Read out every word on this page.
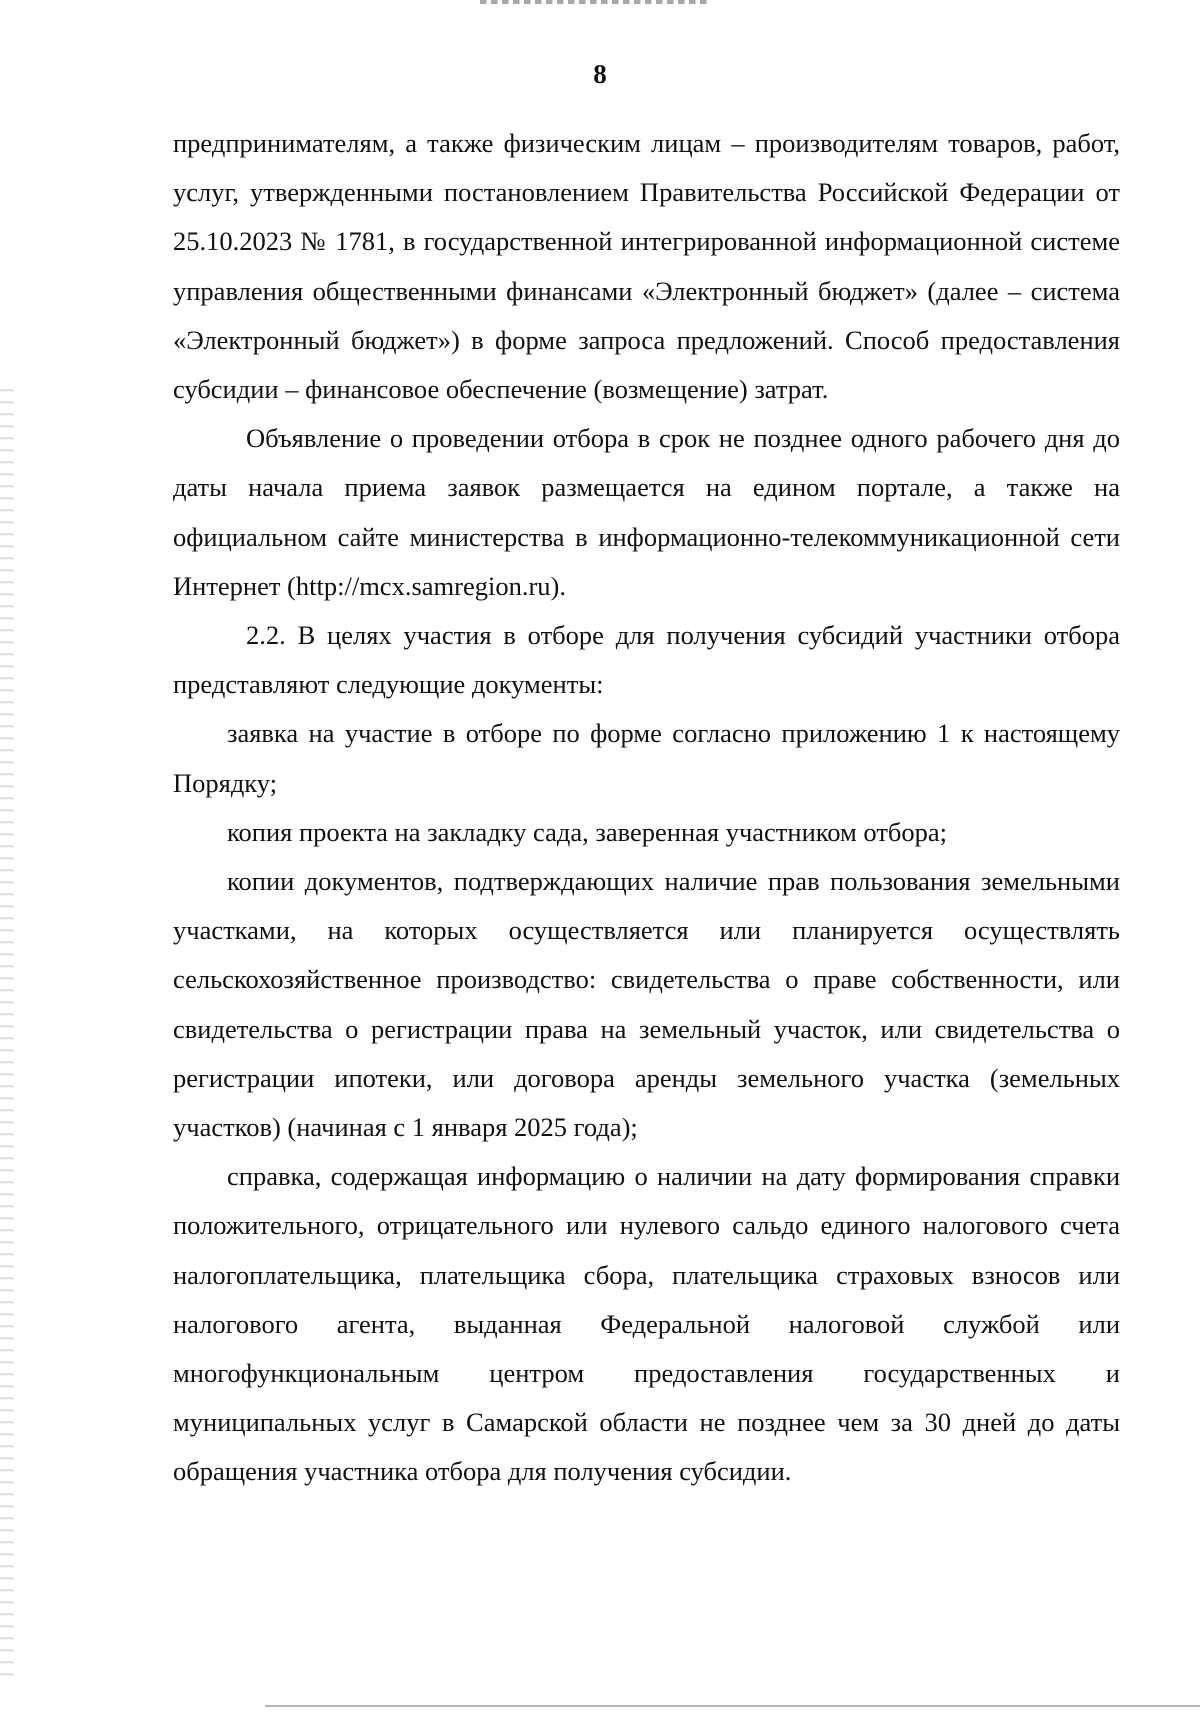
8

предпринимателям, а также физическим лицам – производителям товаров, работ, услуг, утвержденными постановлением Правительства Российской Федерации от 25.10.2023 № 1781, в государственной интегрированной информационной системе управления общественными финансами «Электронный бюджет» (далее – система «Электронный бюджет») в форме запроса предложений. Способ предоставления субсидии – финансовое обеспечение (возмещение) затрат.

Объявление о проведении отбора в срок не позднее одного рабочего дня до даты начала приема заявок размещается на едином портале, а также на официальном сайте министерства в информационно-телекоммуникационной сети Интернет (http://mcx.samregion.ru).

2.2. В целях участия в отборе для получения субсидий участники отбора представляют следующие документы:

заявка на участие в отборе по форме согласно приложению 1 к настоящему Порядку;

копия проекта на закладку сада, заверенная участником отбора;

копии документов, подтверждающих наличие прав пользования земельными участками, на которых осуществляется или планируется осуществлять сельскохозяйственное производство: свидетельства о праве собственности, или свидетельства о регистрации права на земельный участок, или свидетельства о регистрации ипотеки, или договора аренды земельного участка (земельных участков) (начиная с 1 января 2025 года);

справка, содержащая информацию о наличии на дату формирования справки положительного, отрицательного или нулевого сальдо единого налогового счета налогоплательщика, плательщика сбора, плательщика страховых взносов или налогового агента, выданная Федеральной налоговой службой или многофункциональным центром предоставления государственных и муниципальных услуг в Самарской области не позднее чем за 30 дней до даты обращения участника отбора для получения субсидии.
